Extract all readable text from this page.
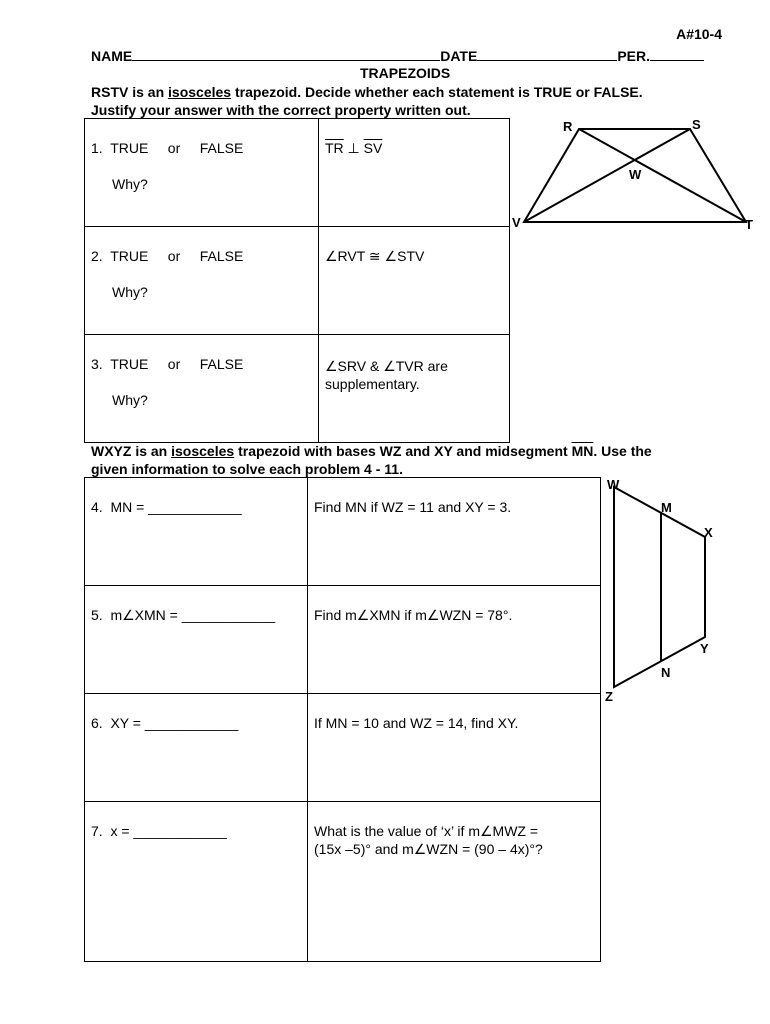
A#10-4
NAME	DATE	PER.
TRAPEZOIDS
RSTV is an isosceles trapezoid. Decide whether each statement is TRUE or FALSE.
Justify your answer with the correct property written out.
1. TRUE or FALSE
Why?	$\overline{TR}$ ⊥ $\overline{SV}$

2. TRUE or FALSE
Why?	∠RVT ≅ ∠STV

3. TRUE or FALSE
Why?	∠SRV & ∠TVR are
supplementary.
R	S
W
V	T
WXYZ is an isosceles trapezoid with bases $\overline{WZ}$ and $\overline{XY}$ and midsegment $\overline{MN}$. Use the
given information to solve each problem 4 - 11.
4.  MN = ____________	Find MN if WZ = 11 and XY = 3.

5.  m∠XMN = ____________	Find m∠XMN if m∠WZN = 78°.

6.  XY = ____________	If MN = 10 and WZ = 14, find XY.

7.  x = ____________	What is the value of ‘x’ if m∠MWZ =
(15x –5)° and m∠WZN = (90 – 4x)°?
W
M
X
Y
N
Z
